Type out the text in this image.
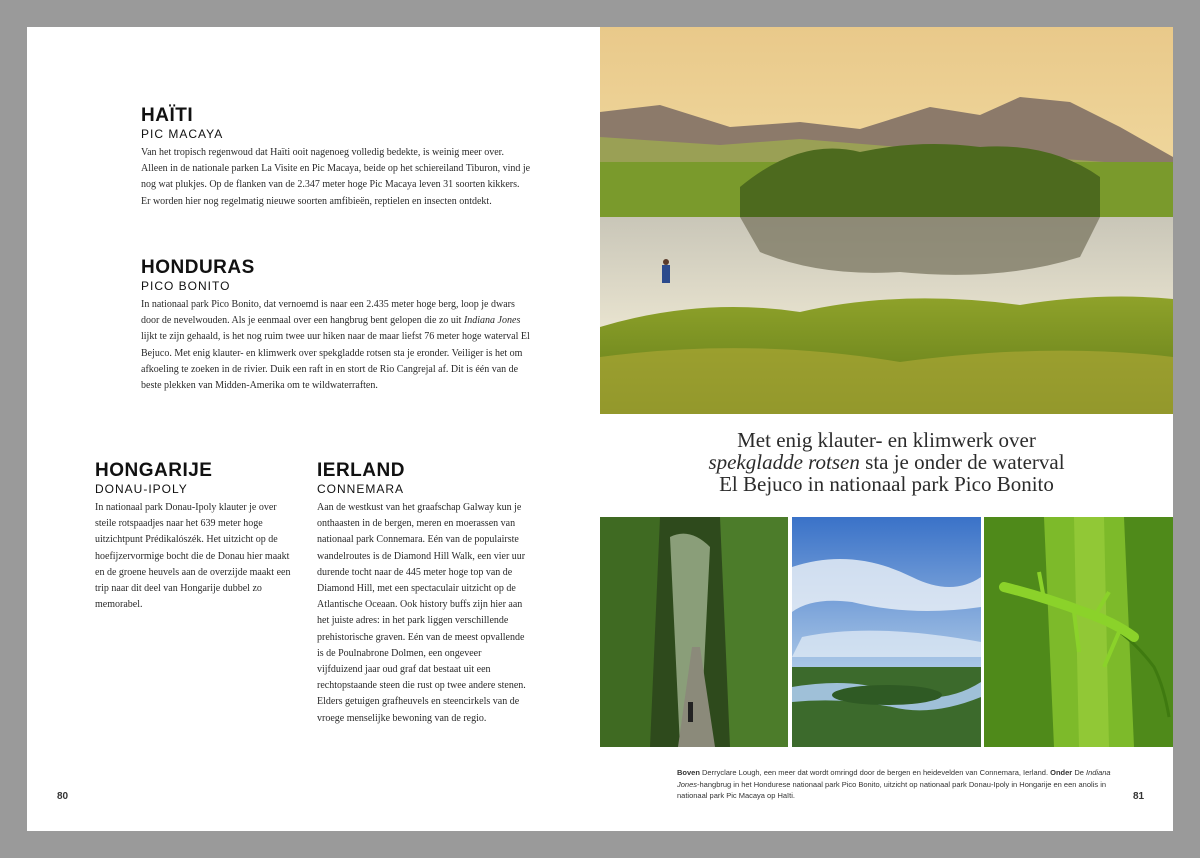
HAÏTI
PIC MACAYA

Van het tropisch regenwoud dat Haïti ooit nagenoeg volledig bedekte, is weinig meer over. Alleen in de nationale parken La Visite en Pic Macaya, beide op het schiereiland Tiburon, vind je nog wat plukjes. Op de flanken van de 2.347 meter hoge Pic Macaya leven 31 soorten kikkers. Er worden hier nog regelmatig nieuwe soorten amfibieën, reptielen en insecten ontdekt.

HONDURAS
PICO BONITO

In nationaal park Pico Bonito, dat vernoemd is naar een 2.435 meter hoge berg, loop je dwars door de nevelwouden. Als je eenmaal over een hangbrug bent gelopen die zo uit Indiana Jones lijkt te zijn gehaald, is het nog ruim twee uur hiken naar de maar liefst 76 meter hoge waterval El Bejuco. Met enig klauter- en klimwerk over spekgladde rotsen sta je eronder. Veiliger is het om afkoeling te zoeken in de rivier. Duik een raft in en stort de Rio Cangrejal af. Dit is één van de beste plekken van Midden-Amerika om te wildwaterraften.

HONGARIJE
DONAU-IPOLY

In nationaal park Donau-Ipoly klauter je over steile rotspaadjes naar het 639 meter hoge uitzichtpunt Prédikalószék. Het uitzicht op de hoefijzervormige bocht die de Donau hier maakt en de groene heuvels aan de overzijde maakt een trip naar dit deel van Hongarije dubbel zo memorabel.

IERLAND
CONNEMARA

Aan de westkust van het graafschap Galway kun je onthaasten in de bergen, meren en moerassen van nationaal park Connemara. Eén van de populairste wandelroutes is de Diamond Hill Walk, een vier uur durende tocht naar de 445 meter hoge top van de Diamond Hill, met een spectaculair uitzicht op de Atlantische Oceaan. Ook history buffs zijn hier aan het juiste adres: in het park liggen verschillende prehistorische graven. Eén van de meest opvallende is de Poulnabrone Dolmen, een ongeveer vijfduizend jaar oud graf dat bestaat uit een rechtopstaande steen die rust op twee andere stenen. Elders getuigen grafheuvels en steencirkels van de vroege menselijke bewoning van de regio.

80
Met enig klauter- en klimwerk over
spekgladde rotsen sta je onder de waterval
El Bejuco in nationaal park Pico Bonito
Boven Derryclare Lough, een meer dat wordt omringd door de bergen en heidevelden van Connemara, Ierland. Onder De Indiana Jones-hangbrug in het Hondurese nationaal park Pico Bonito, uitzicht op nationaal park Donau-Ipoly in Hongarije en een anolis in nationaal park Pic Macaya op Haïti.	81
